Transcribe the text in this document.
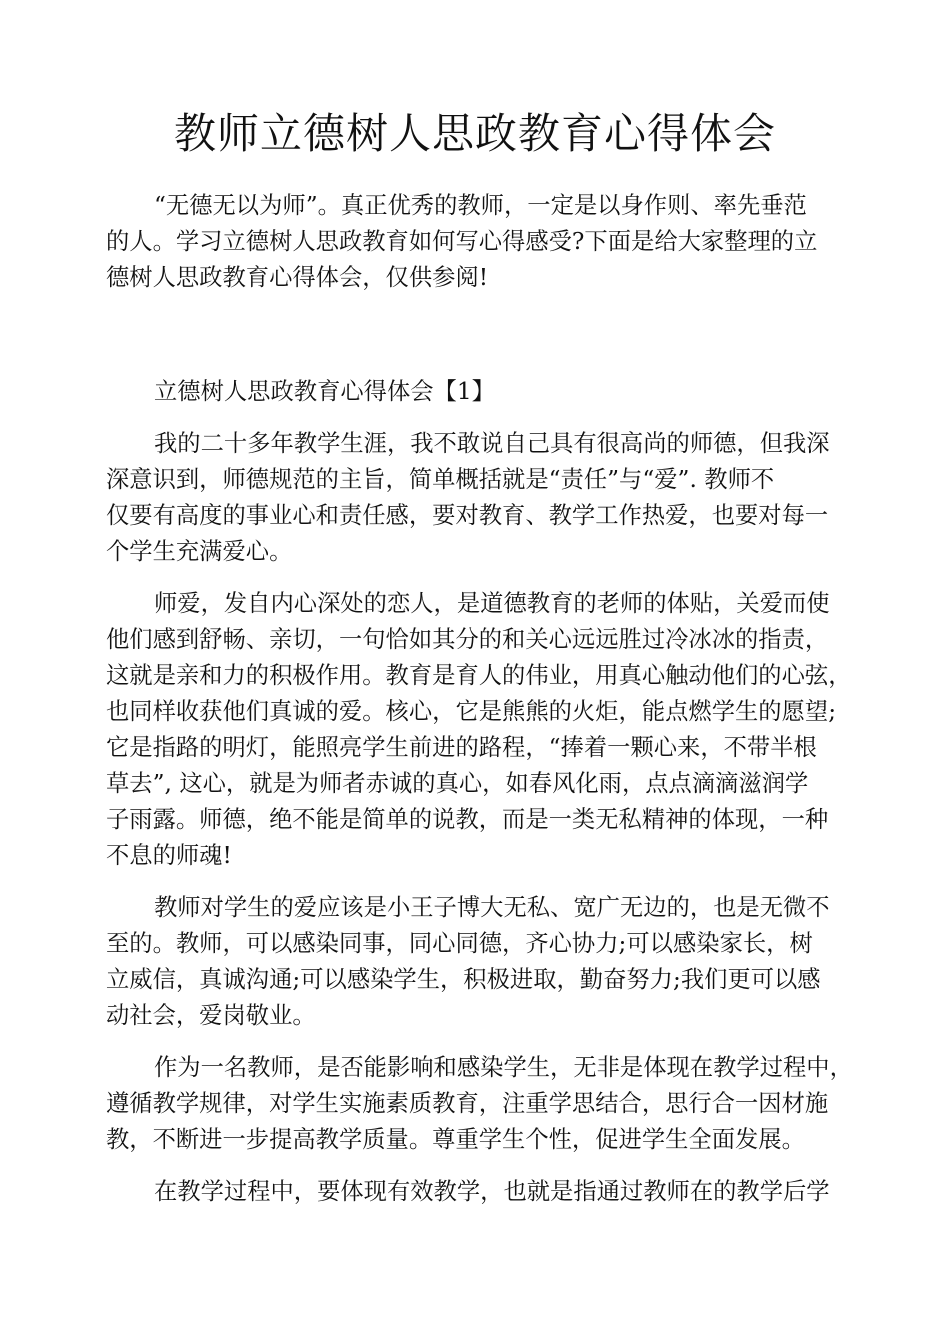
教师立德树人思政教育心得体会
“无德无以为师”。真正优秀的教师，一定是以身作则、率先垂范
的人。学习立德树人思政教育如何写心得感受?下面是给大家整理的立
德树人思政教育心得体会，仅供参阅!
立德树人思政教育心得体会【1】
我的二十多年教学生涯，我不敢说自己具有很高尚的师德，但我深
深意识到，师德规范的主旨，简单概括就是“责任”与“爱”. 教师不
仅要有高度的事业心和责任感，要对教育、教学工作热爱，也要对每一
个学生充满爱心。
师爱，发自内心深处的恋人，是道德教育的老师的体贴，关爱而使
他们感到舒畅、亲切，一句恰如其分的和关心远远胜过冷冰冰的指责，
这就是亲和力的积极作用。教育是育人的伟业，用真心触动他们的心弦，
也同样收获他们真诚的爱。核心，它是熊熊的火炬，能点燃学生的愿望;
它是指路的明灯，能照亮学生前进的路程，“捧着一颗心来，不带半根
草去”, 这心，就是为师者赤诚的真心，如春风化雨，点点滴滴滋润学
子雨露。师德，绝不能是简单的说教，而是一类无私精神的体现，一种
不息的师魂!
教师对学生的爱应该是小王子博大无私、宽广无边的，也是无微不
至的。教师，可以感染同事，同心同德，齐心协力;可以感染家长，树
立威信，真诚沟通;可以感染学生，积极进取，勤奋努力;我们更可以感
动社会，爱岗敬业。
作为一名教师，是否能影响和感染学生，无非是体现在教学过程中，
遵循教学规律，对学生实施素质教育，注重学思结合，思行合一因材施
教，不断进一步提高教学质量。尊重学生个性，促进学生全面发展。
在教学过程中，要体现有效教学，也就是指通过教师在的教学后学
